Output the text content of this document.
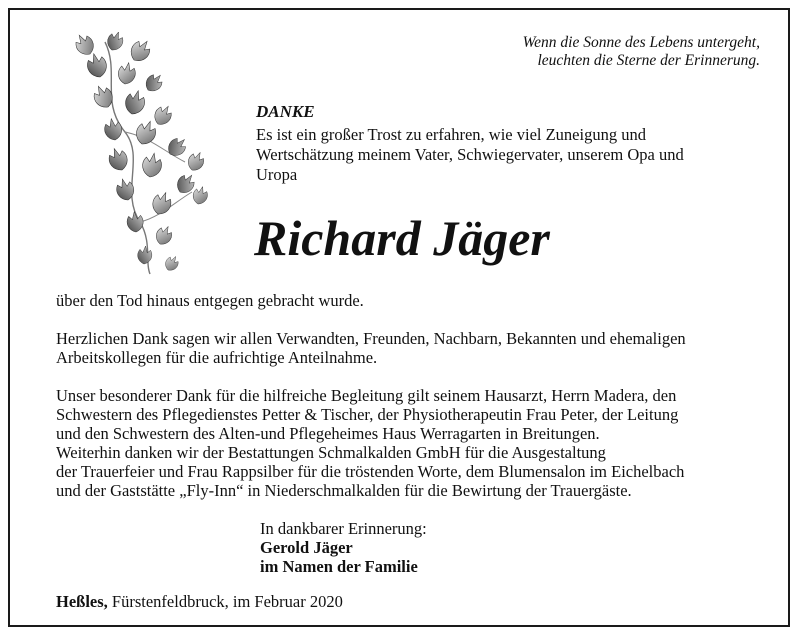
Wenn die Sonne des Lebens untergeht,
leuchten die Sterne der Erinnerung.
DANKE
Es ist ein großer Trost zu erfahren, wie viel Zuneigung und
Wertschätzung meinem Vater, Schwiegervater, unserem Opa und
Uropa
Richard Jäger
über den Tod hinaus entgegen gebracht wurde.
Herzlichen Dank sagen wir allen Verwandten, Freunden, Nachbarn, Bekannten und ehemaligen
Arbeitskollegen für die aufrichtige Anteilnahme.
Unser besonderer Dank für die hilfreiche Begleitung gilt seinem Hausarzt, Herrn Madera, den
Schwestern des Pflegedienstes Petter & Tischer, der Physiotherapeutin Frau Peter, der Leitung
und den Schwestern des Alten-und Pflegeheimes Haus Werragarten in Breitungen.
Weiterhin danken wir der Bestattungen Schmalkalden GmbH für die Ausgestaltung
der Trauerfeier und Frau Rappsilber für die tröstenden Worte, dem Blumensalon im Eichelbach
und der Gaststätte „Fly-Inn“ in Niederschmalkalden für die Bewirtung der Trauergäste.
In dankbarer Erinnerung:
Gerold Jäger
im Namen der Familie
Heßles, Fürstenfeldbruck, im Februar 2020
